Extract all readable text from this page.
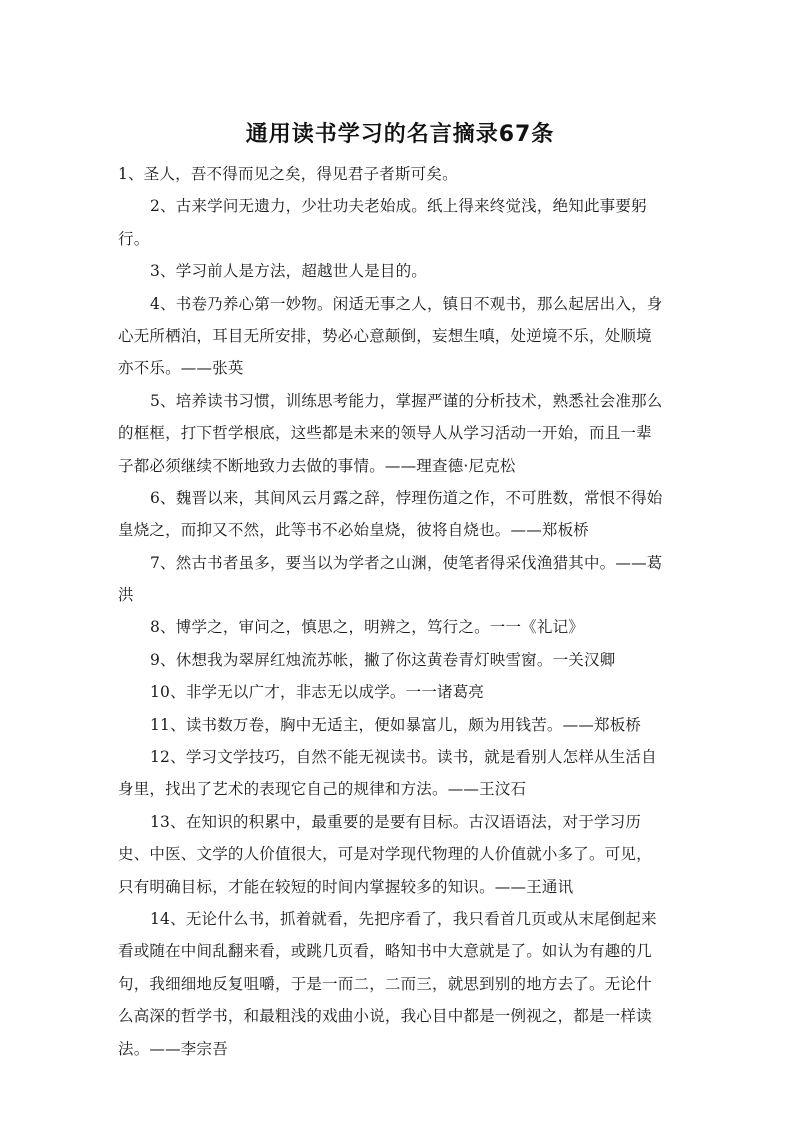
通用读书学习的名言摘录67条
1、圣人，吾不得而见之矣，得见君子者斯可矣。
2、古来学问无遗力，少壮功夫老始成。纸上得来终觉浅，绝知此事要躬
行。
3、学习前人是方法，超越世人是目的。
4、书卷乃养心第一妙物。闲适无事之人，镇日不观书，那么起居出入，身
心无所栖泊，耳目无所安排，势必心意颠倒，妄想生嗔，处逆境不乐，处顺境
亦不乐。——张英
5、培养读书习惯，训练思考能力，掌握严谨的分析技术，熟悉社会准那么
的框框，打下哲学根底，这些都是未来的领导人从学习活动一开始，而且一辈
子都必须继续不断地致力去做的事情。——理查德·尼克松
6、魏晋以来，其间风云月露之辞，悖理伤道之作，不可胜数，常恨不得始
皇烧之，而抑又不然，此等书不必始皇烧，彼将自烧也。——郑板桥
7、然古书者虽多，要当以为学者之山渊，使笔者得采伐渔猎其中。——葛
洪
8、博学之，审问之，慎思之，明辨之，笃行之。一一《礼记》
9、休想我为翠屏红烛流苏帐，撇了你这黄卷青灯映雪窗。一关汉卿
10、非学无以广才，非志无以成学。一一诸葛亮
11、读书数万卷，胸中无适主，便如暴富儿，颇为用钱苦。——郑板桥
12、学习文学技巧，自然不能无视读书。读书，就是看别人怎样从生活自
身里，找出了艺术的表现它自己的规律和方法。——王汶石
13、在知识的积累中，最重要的是要有目标。古汉语语法，对于学习历
史、中医、文学的人价值很大，可是对学现代物理的人价值就小多了。可见，
只有明确目标，才能在较短的时间内掌握较多的知识。——王通讯
14、无论什么书，抓着就看，先把序看了，我只看首几页或从末尾倒起来
看或随在中间乱翻来看，或跳几页看，略知书中大意就是了。如认为有趣的几
句，我细细地反复咀嚼，于是一而二，二而三，就思到别的地方去了。无论什
么高深的哲学书，和最粗浅的戏曲小说，我心目中都是一例视之，都是一样读
法。——李宗吾
